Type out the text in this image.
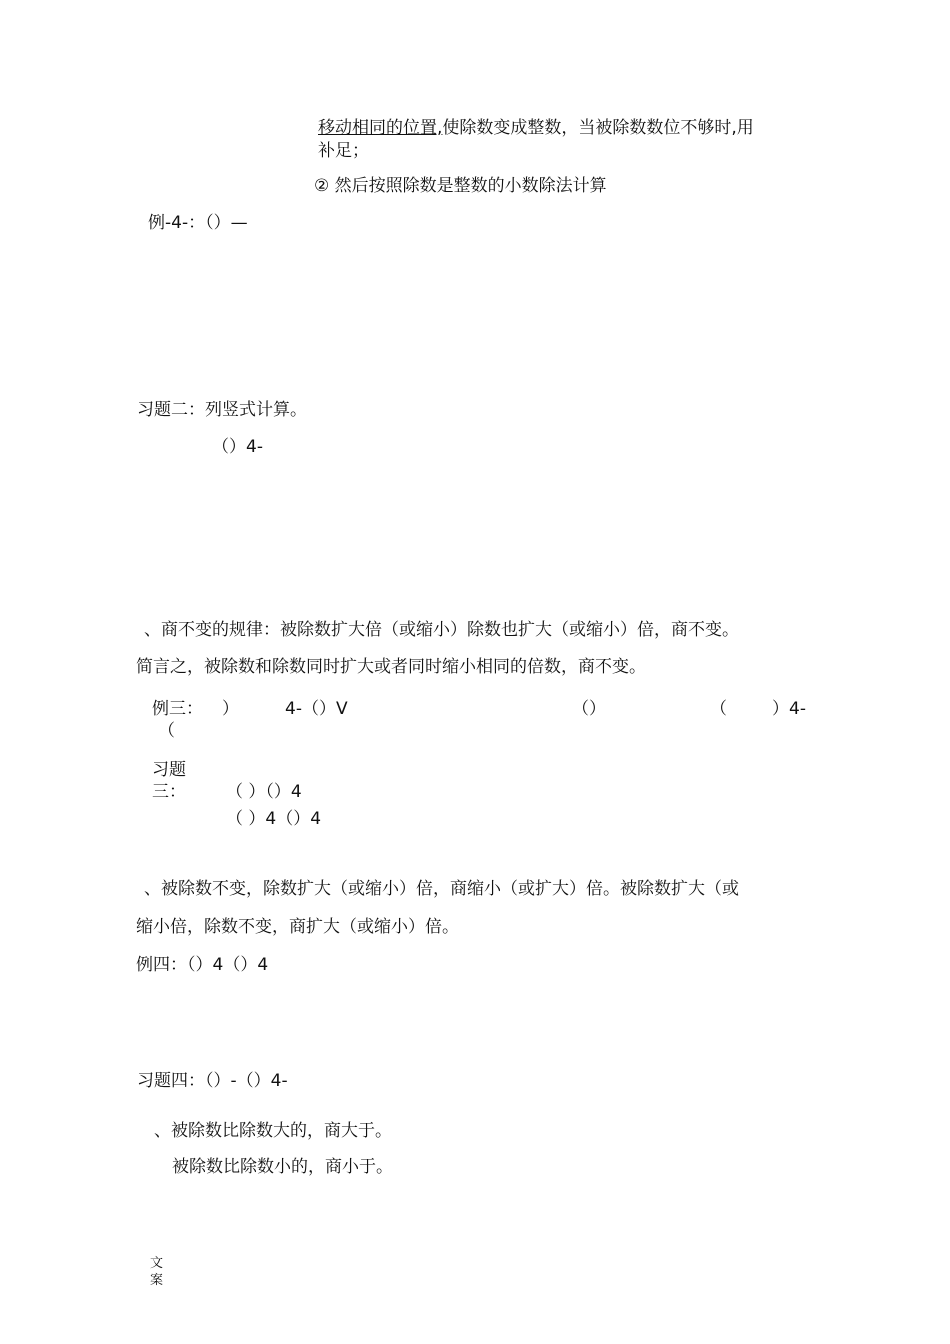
移动相同的位置,使除数变成整数，当被除数数位不够时,用
补足；
② 然后按照除数是整数的小数除法计算
例-4-：（）—
习题二：列竖式计算。
（）4-
、商不变的规律：被除数扩大倍（或缩小）除数也扩大（或缩小）倍，商不变。
简言之，被除数和除数同时扩大或者同时缩小相同的倍数，商不变。
例三： ）	4-（）V	（）	（	）4-
（
习题
三： （ ）（）4
（ ）4（）4
、被除数不变，除数扩大（或缩小）倍，商缩小（或扩大）倍。被除数扩大（或
缩小倍，除数不变，商扩大（或缩小）倍。
例四：（）4（）4
习题四：（）-（）4-
、被除数比除数大的，商大于。
被除数比除数小的，商小于。
文
案
